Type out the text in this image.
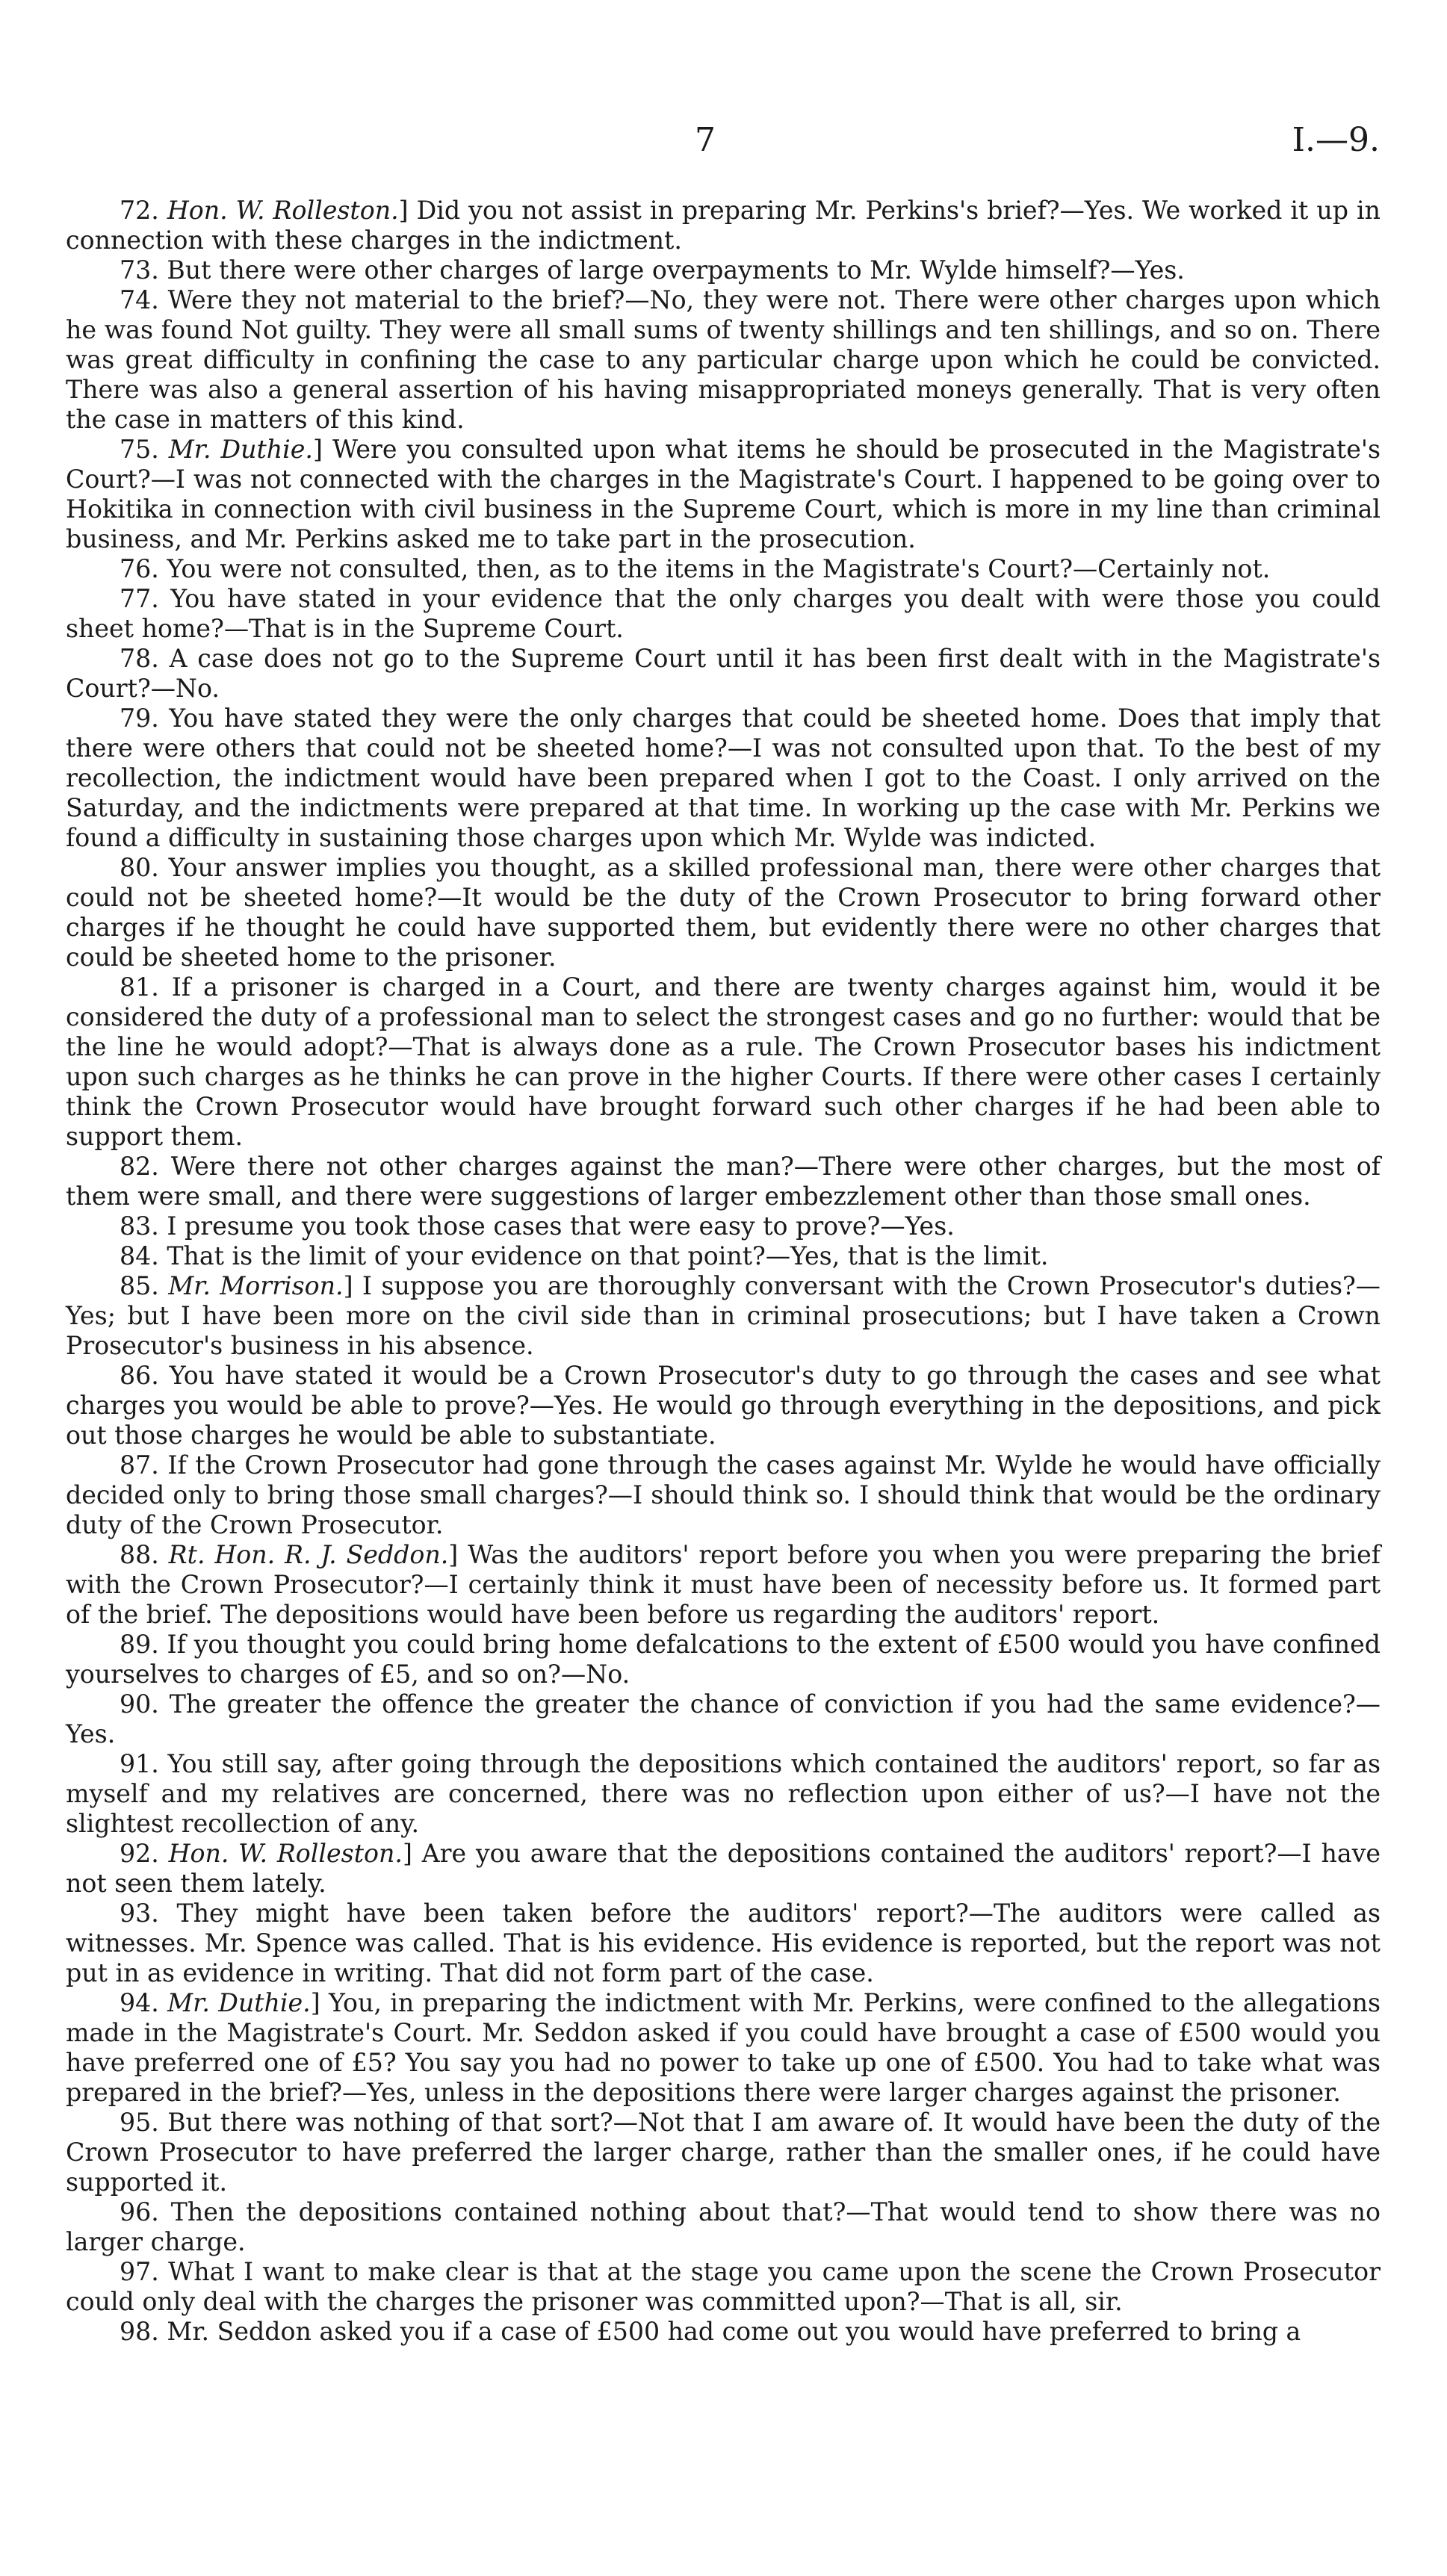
7	I.—9.

72. Hon. W. Rolleston.] Did you not assist in preparing Mr. Perkins's brief?—Yes. We worked it up in connection with these charges in the indictment.

73. But there were other charges of large overpayments to Mr. Wylde himself?—Yes.

74. Were they not material to the brief?—No, they were not. There were other charges upon which he was found Not guilty. They were all small sums of twenty shillings and ten shillings, and so on. There was great difficulty in confining the case to any particular charge upon which he could be convicted. There was also a general assertion of his having misappropriated moneys generally. That is very often the case in matters of this kind.

75. Mr. Duthie.] Were you consulted upon what items he should be prosecuted in the Magistrate's Court?—I was not connected with the charges in the Magistrate's Court. I happened to be going over to Hokitika in connection with civil business in the Supreme Court, which is more in my line than criminal business, and Mr. Perkins asked me to take part in the prosecution.

76. You were not consulted, then, as to the items in the Magistrate's Court?—Certainly not.

77. You have stated in your evidence that the only charges you dealt with were those you could sheet home?—That is in the Supreme Court.

78. A case does not go to the Supreme Court until it has been first dealt with in the Magistrate's Court?—No.

79. You have stated they were the only charges that could be sheeted home. Does that imply that there were others that could not be sheeted home?—I was not consulted upon that. To the best of my recollection, the indictment would have been prepared when I got to the Coast. I only arrived on the Saturday, and the indictments were prepared at that time. In working up the case with Mr. Perkins we found a difficulty in sustaining those charges upon which Mr. Wylde was indicted.

80. Your answer implies you thought, as a skilled professional man, there were other charges that could not be sheeted home?—It would be the duty of the Crown Prosecutor to bring forward other charges if he thought he could have supported them, but evidently there were no other charges that could be sheeted home to the prisoner.

81. If a prisoner is charged in a Court, and there are twenty charges against him, would it be considered the duty of a professional man to select the strongest cases and go no further: would that be the line he would adopt?—That is always done as a rule. The Crown Prosecutor bases his indictment upon such charges as he thinks he can prove in the higher Courts. If there were other cases I certainly think the Crown Prosecutor would have brought forward such other charges if he had been able to support them.

82. Were there not other charges against the man?—There were other charges, but the most of them were small, and there were suggestions of larger embezzlement other than those small ones.

83. I presume you took those cases that were easy to prove?—Yes.

84. That is the limit of your evidence on that point?—Yes, that is the limit.

85. Mr. Morrison.] I suppose you are thoroughly conversant with the Crown Prosecutor's duties?—Yes; but I have been more on the civil side than in criminal prosecutions; but I have taken a Crown Prosecutor's business in his absence.

86. You have stated it would be a Crown Prosecutor's duty to go through the cases and see what charges you would be able to prove?—Yes. He would go through everything in the depositions, and pick out those charges he would be able to substantiate.

87. If the Crown Prosecutor had gone through the cases against Mr. Wylde he would have officially decided only to bring those small charges?—I should think so. I should think that would be the ordinary duty of the Crown Prosecutor.

88. Rt. Hon. R. J. Seddon.] Was the auditors' report before you when you were preparing the brief with the Crown Prosecutor?—I certainly think it must have been of necessity before us. It formed part of the brief. The depositions would have been before us regarding the auditors' report.

89. If you thought you could bring home defalcations to the extent of £500 would you have confined yourselves to charges of £5, and so on?—No.

90. The greater the offence the greater the chance of conviction if you had the same evidence?—Yes.

91. You still say, after going through the depositions which contained the auditors' report, so far as myself and my relatives are concerned, there was no reflection upon either of us?—I have not the slightest recollection of any.

92. Hon. W. Rolleston.] Are you aware that the depositions contained the auditors' report?—I have not seen them lately.

93. They might have been taken before the auditors' report?—The auditors were called as witnesses. Mr. Spence was called. That is his evidence. His evidence is reported, but the report was not put in as evidence in writing. That did not form part of the case.

94. Mr. Duthie.] You, in preparing the indictment with Mr. Perkins, were confined to the allegations made in the Magistrate's Court. Mr. Seddon asked if you could have brought a case of £500 would you have preferred one of £5? You say you had no power to take up one of £500. You had to take what was prepared in the brief?—Yes, unless in the depositions there were larger charges against the prisoner.

95. But there was nothing of that sort?—Not that I am aware of. It would have been the duty of the Crown Prosecutor to have preferred the larger charge, rather than the smaller ones, if he could have supported it.

96. Then the depositions contained nothing about that?—That would tend to show there was no larger charge.

97. What I want to make clear is that at the stage you came upon the scene the Crown Prosecutor could only deal with the charges the prisoner was committed upon?—That is all, sir.

98. Mr. Seddon asked you if a case of £500 had come out you would have preferred to bring a
